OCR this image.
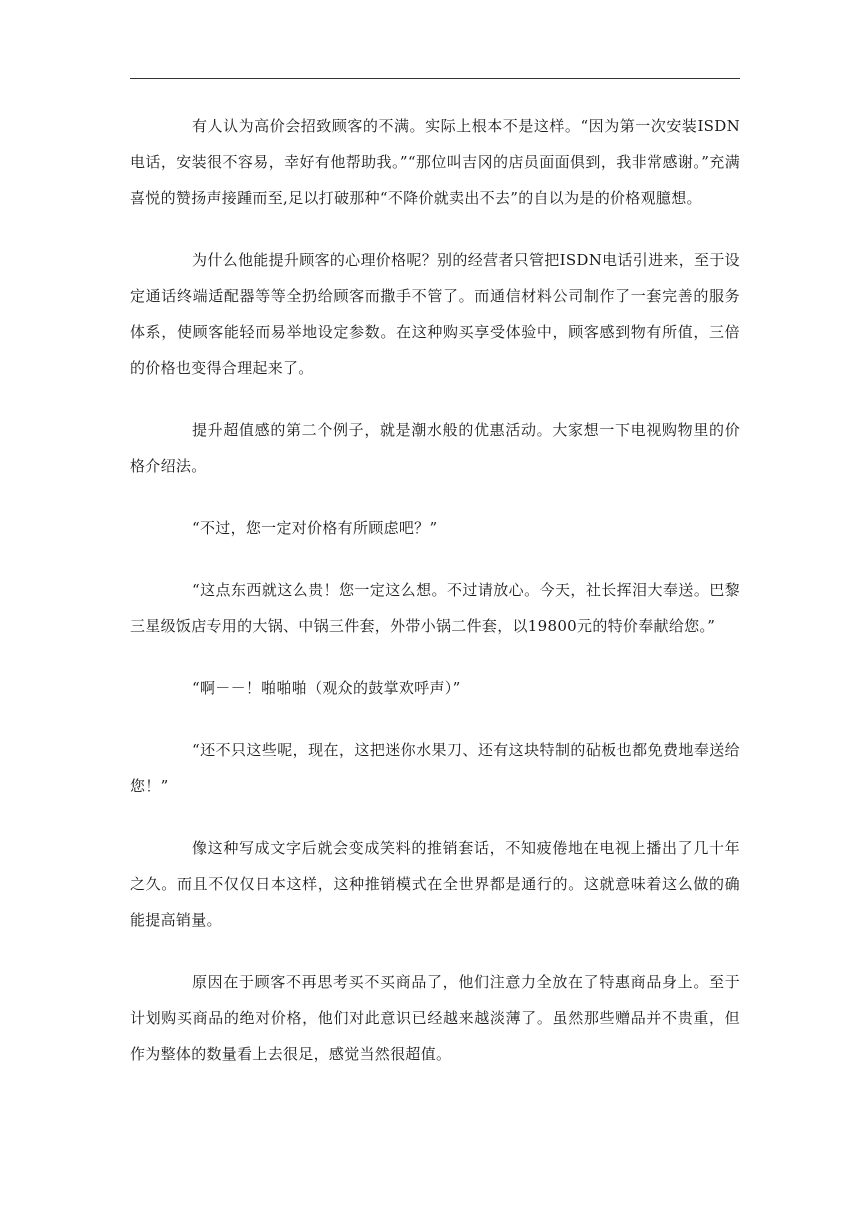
有人认为高价会招致顾客的不满。实际上根本不是这样。“因为第一次安装ISDN电话，安装很不容易，幸好有他帮助我。”“那位叫吉冈的店员面面俱到，我非常感谢。”充满喜悦的赞扬声接踵而至,足以打破那种“不降价就卖出不去”的自以为是的价格观臆想。

为什么他能提升顾客的心理价格呢？别的经营者只管把ISDN电话引进来，至于设定通话终端适配器等等全扔给顾客而撒手不管了。而通信材料公司制作了一套完善的服务体系，使顾客能轻而易举地设定参数。在这种购买享受体验中，顾客感到物有所值，三倍的价格也变得合理起来了。

提升超值感的第二个例子，就是潮水般的优惠活动。大家想一下电视购物里的价格介绍法。

“不过，您一定对价格有所顾虑吧？”

“这点东西就这么贵！您一定这么想。不过请放心。今天，社长挥泪大奉送。巴黎三星级饭店专用的大锅、中锅三件套，外带小锅二件套，以19800元的特价奉献给您。”

“啊－－！啪啪啪（观众的鼓掌欢呼声）”

“还不只这些呢，现在，这把迷你水果刀、还有这块特制的砧板也都免费地奉送给您！”

像这种写成文字后就会变成笑料的推销套话，不知疲倦地在电视上播出了几十年之久。而且不仅仅日本这样，这种推销模式在全世界都是通行的。这就意味着这么做的确能提高销量。

原因在于顾客不再思考买不买商品了，他们注意力全放在了特惠商品身上。至于计划购买商品的绝对价格，他们对此意识已经越来越淡薄了。虽然那些赠品并不贵重，但作为整体的数量看上去很足，感觉当然很超值。
